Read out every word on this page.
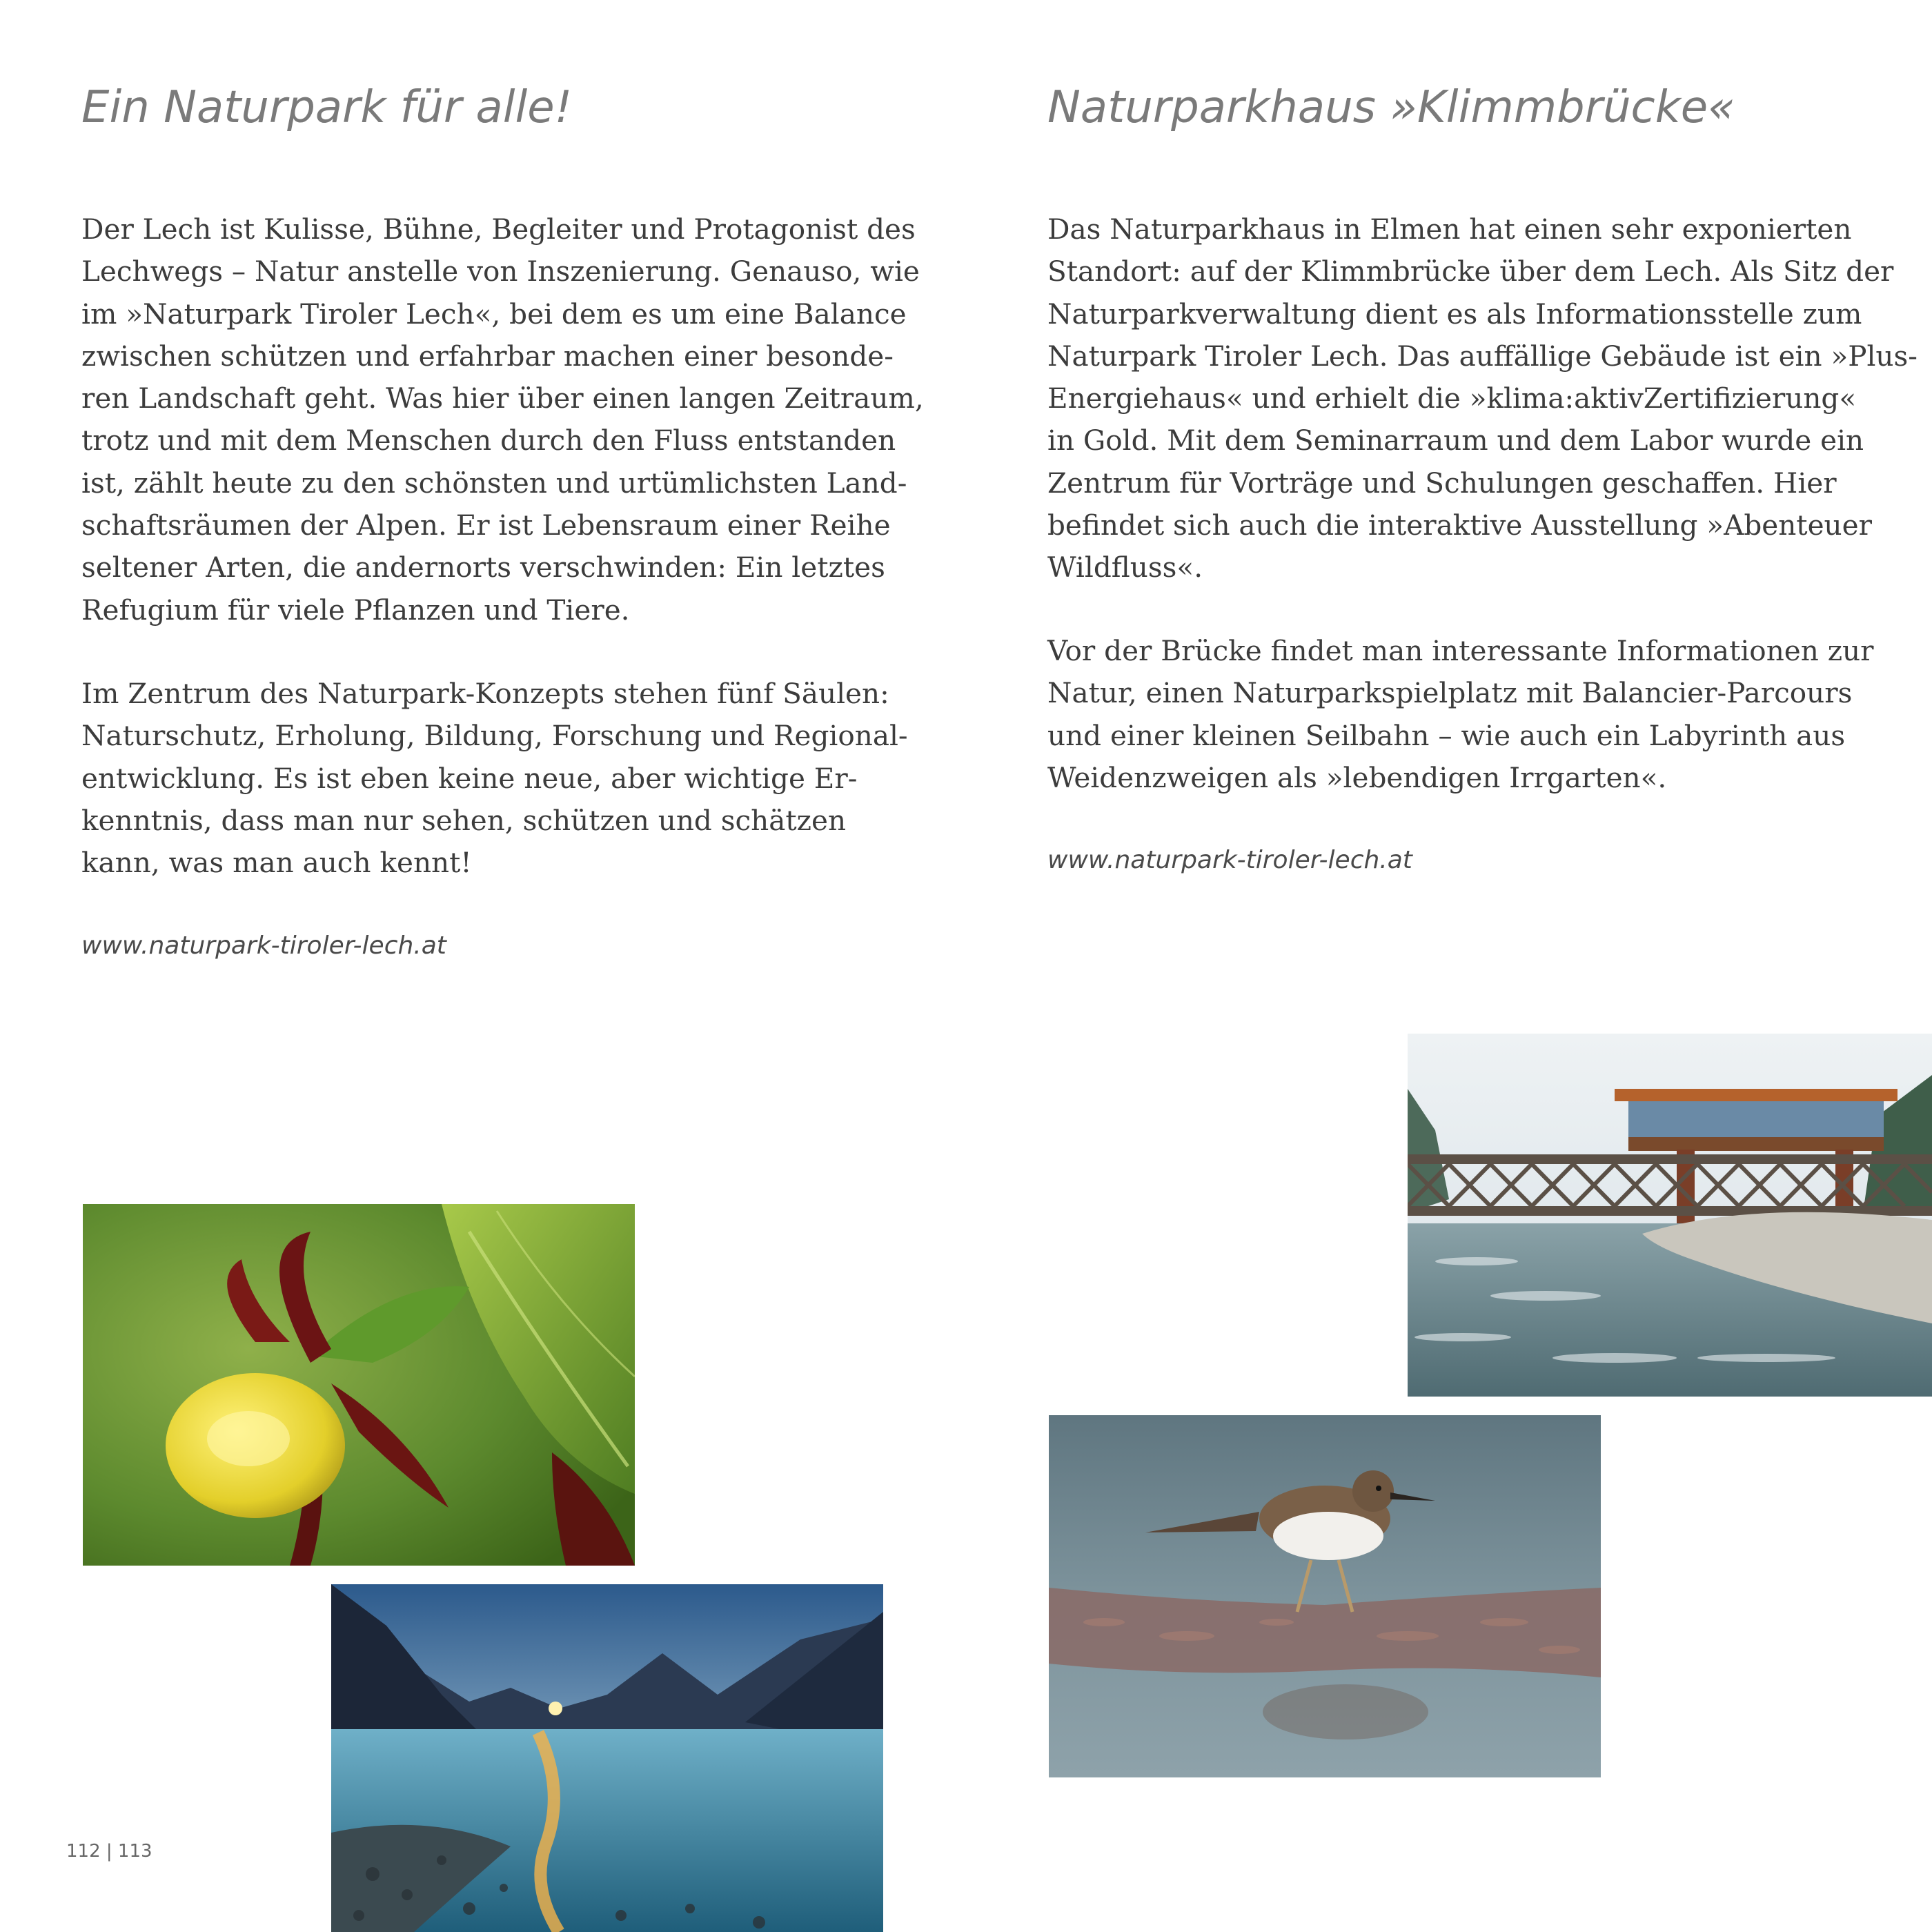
Ein Naturpark für alle!
Der Lech ist Kulisse, Bühne, Begleiter und Protagonist des
Lechwegs – Natur anstelle von Inszenierung. Genauso, wie
im »Naturpark Tiroler Lech«, bei dem es um eine Balance
zwischen schützen und erfahrbar machen einer besonde-
ren Landschaft geht. Was hier über einen langen Zeitraum,
trotz und mit dem Menschen durch den Fluss entstanden
ist, zählt heute zu den schönsten und urtümlichsten Land-
schaftsräumen der Alpen. Er ist Lebensraum einer Reihe
seltener Arten, die andernorts verschwinden: Ein letztes
Refugium für viele Pflanzen und Tiere.
Im Zentrum des Naturpark-Konzepts stehen fünf Säulen:
Naturschutz, Erholung, Bildung, Forschung und Regional-
entwicklung. Es ist eben keine neue, aber wichtige Er-
kenntnis, dass man nur sehen, schützen und schätzen
kann, was man auch kennt!

www.naturpark-tiroler-lech.at

Naturparkhaus »Klimmbrücke«
Das Naturparkhaus in Elmen hat einen sehr exponierten
Standort: auf der Klimmbrücke über dem Lech. Als Sitz der
Naturparkverwaltung dient es als Informationsstelle zum
Naturpark Tiroler Lech. Das auffällige Gebäude ist ein »Plus-
Energiehaus« und erhielt die »klima:aktivZertifizierung«
in Gold. Mit dem Seminarraum und dem Labor wurde ein
Zentrum für Vorträge und Schulungen geschaffen. Hier
befindet sich auch die interaktive Ausstellung »Abenteuer
Wildfluss«.
Vor der Brücke findet man interessante Informationen zur
Natur, einen Naturparkspielplatz mit Balancier-Parcours
und einer kleinen Seilbahn – wie auch ein Labyrinth aus
Weidenzweigen als »lebendigen Irrgarten«.

www.naturpark-tiroler-lech.at

112 | 113
